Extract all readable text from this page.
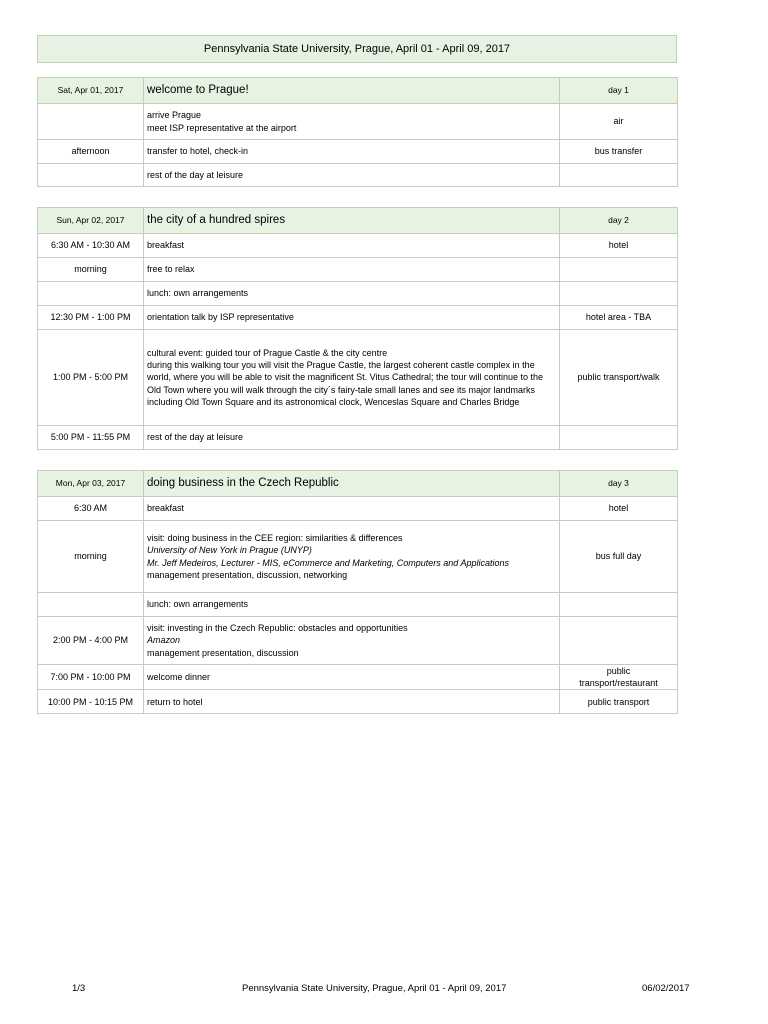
Pennsylvania State University, Prague, April 01 - April 09, 2017
Sat, Apr 01, 2017	welcome to Prague!	day 1

	arrive Prague
meet ISP representative at the airport	air
afternoon	transfer to hotel, check-in	bus transfer

	rest of the day at leisure	

Sun, Apr 02, 2017	the city of a hundred spires	day 2
6:30 AM - 10:30 AM	breakfast	hotel
morning	free to relax	

	lunch: own arrangements	

12:30 PM - 1:00 PM	orientation talk by ISP representative	hotel area - TBA
1:00 PM - 5:00 PM	cultural event: guided tour of Prague Castle & the city centre
during this walking tour you will visit the Prague Castle, the largest coherent castle complex in the world, where you will be able to visit the magnificent St. Vitus Cathedral; the tour will continue to the Old Town where you will walk through the city´s fairy-tale small lanes and see its major landmarks including Old Town Square and its astronomical clock, Wenceslas Square and Charles Bridge	public transport/walk
5:00 PM - 11:55 PM	rest of the day at leisure	

Mon, Apr 03, 2017	doing business in the Czech Republic	day 3
6:30 AM	breakfast	hotel
morning	visit: doing business in the CEE region: similarities & differences
University of New York in Prague (UNYP)
Mr. Jeff Medeiros, Lecturer - MIS, eCommerce and Marketing, Computers and Applications
management presentation, discussion, networking	bus full day

	lunch: own arrangements	

2:00 PM - 4:00 PM	visit: investing in the Czech Republic: obstacles and opportunities
Amazon
management presentation, discussion	

7:00 PM - 10:00 PM	welcome dinner	public transport/restaurant
10:00 PM - 10:15 PM	return to hotel	public transport
1/3	Pennsylvania State University, Prague, April 01 - April 09, 2017	06/02/2017
